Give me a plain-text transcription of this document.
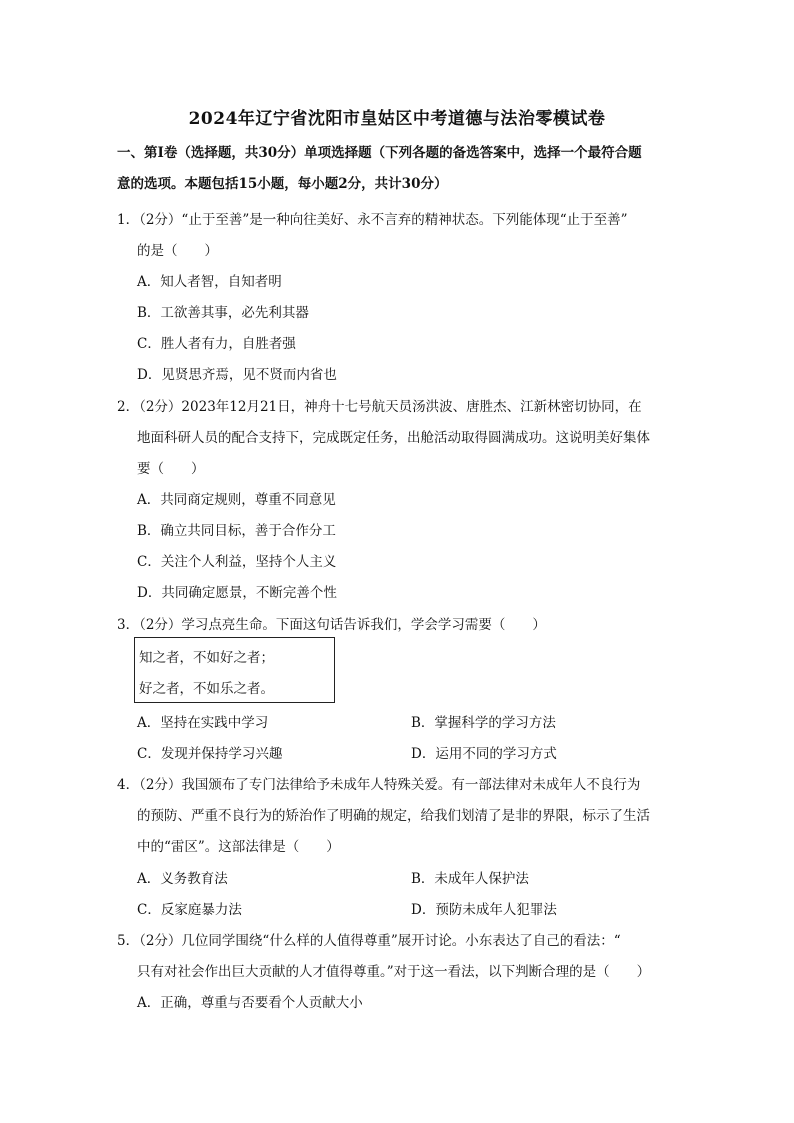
2024年辽宁省沈阳市皇姑区中考道德与法治零模试卷
一、第Ⅰ卷（选择题，共30分）单项选择题（下列各题的备选答案中，选择一个最符合题
意的选项。本题包括15小题，每小题2分，共计30分）
1．（2分）“止于至善”是一种向往美好、永不言弃的精神状态。下列能体现“止于至善”
的是（　　）
A．知人者智，自知者明
B．工欲善其事，必先利其器
C．胜人者有力，自胜者强
D．见贤思齐焉，见不贤而内省也
2．（2分）2023年12月21日，神舟十七号航天员汤洪波、唐胜杰、江新林密切协同，在
地面科研人员的配合支持下，完成既定任务，出舱活动取得圆满成功。这说明美好集体
要（　　）
A．共同商定规则，尊重不同意见
B．确立共同目标，善于合作分工
C．关注个人利益，坚持个人主义
D．共同确定愿景，不断完善个性
3．（2分）学习点亮生命。下面这句话告诉我们，学会学习需要（　　）
知之者，不如好之者；
好之者，不如乐之者。
A．坚持在实践中学习	B．掌握科学的学习方法
C．发现并保持学习兴趣	D．运用不同的学习方式
4．（2分）我国颁布了专门法律给予未成年人特殊关爱。有一部法律对未成年人不良行为
的预防、严重不良行为的矫治作了明确的规定，给我们划清了是非的界限，标示了生活
中的“雷区”。这部法律是（　　）
A．义务教育法	B．未成年人保护法
C．反家庭暴力法	D．预防未成年人犯罪法
5．（2分）几位同学围绕“什么样的人值得尊重”展开讨论。小东表达了自己的看法：“
只有对社会作出巨大贡献的人才值得尊重。”对于这一看法，以下判断合理的是（　　）
A．正确，尊重与否要看个人贡献大小
